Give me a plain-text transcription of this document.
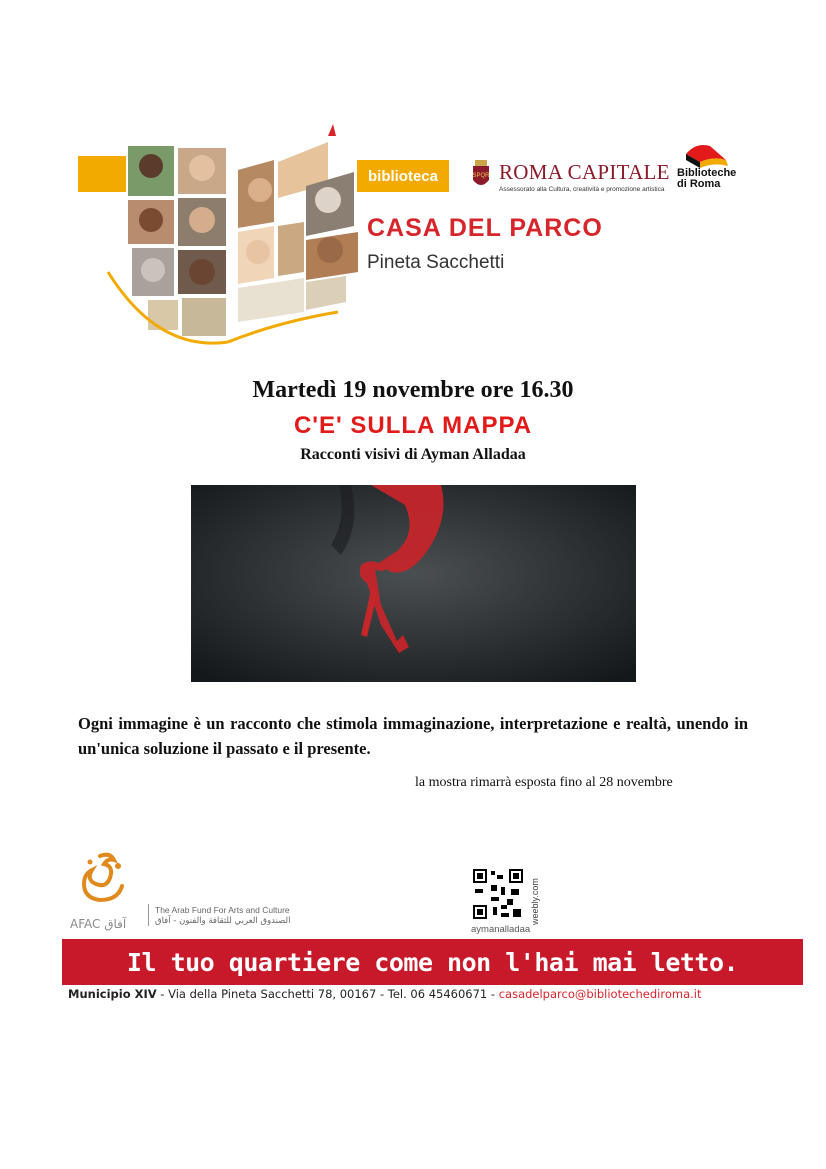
biblioteca	SPQR ROMA CAPITALE
Assessorato alla Cultura, creatività e promozione artistica
Biblioteche di Roma
CASA DEL PARCO
Pineta Sacchetti
Martedì 19 novembre ore 16.30
C'E' SULLA MAPPA
Racconti visivi di Ayman Alladaa
Ogni immagine è un racconto che stimola immaginazione, interpretazione e realtà, unendo in un'unica soluzione il passato e il presente.
la mostra rimarrà esposta fino al 28 novembre
AFAC آفاق
The Arab Fund For Arts and Culture
الصندوق العربي للثقافة والفنون - آفاق	weebly.com
aymanalladaa
Il tuo quartiere come non l'hai mai letto.
Municipio XIV - Via della Pineta Sacchetti 78, 00167 - Tel. 06 45460671 - casadelparco@bibliotechediroma.it
